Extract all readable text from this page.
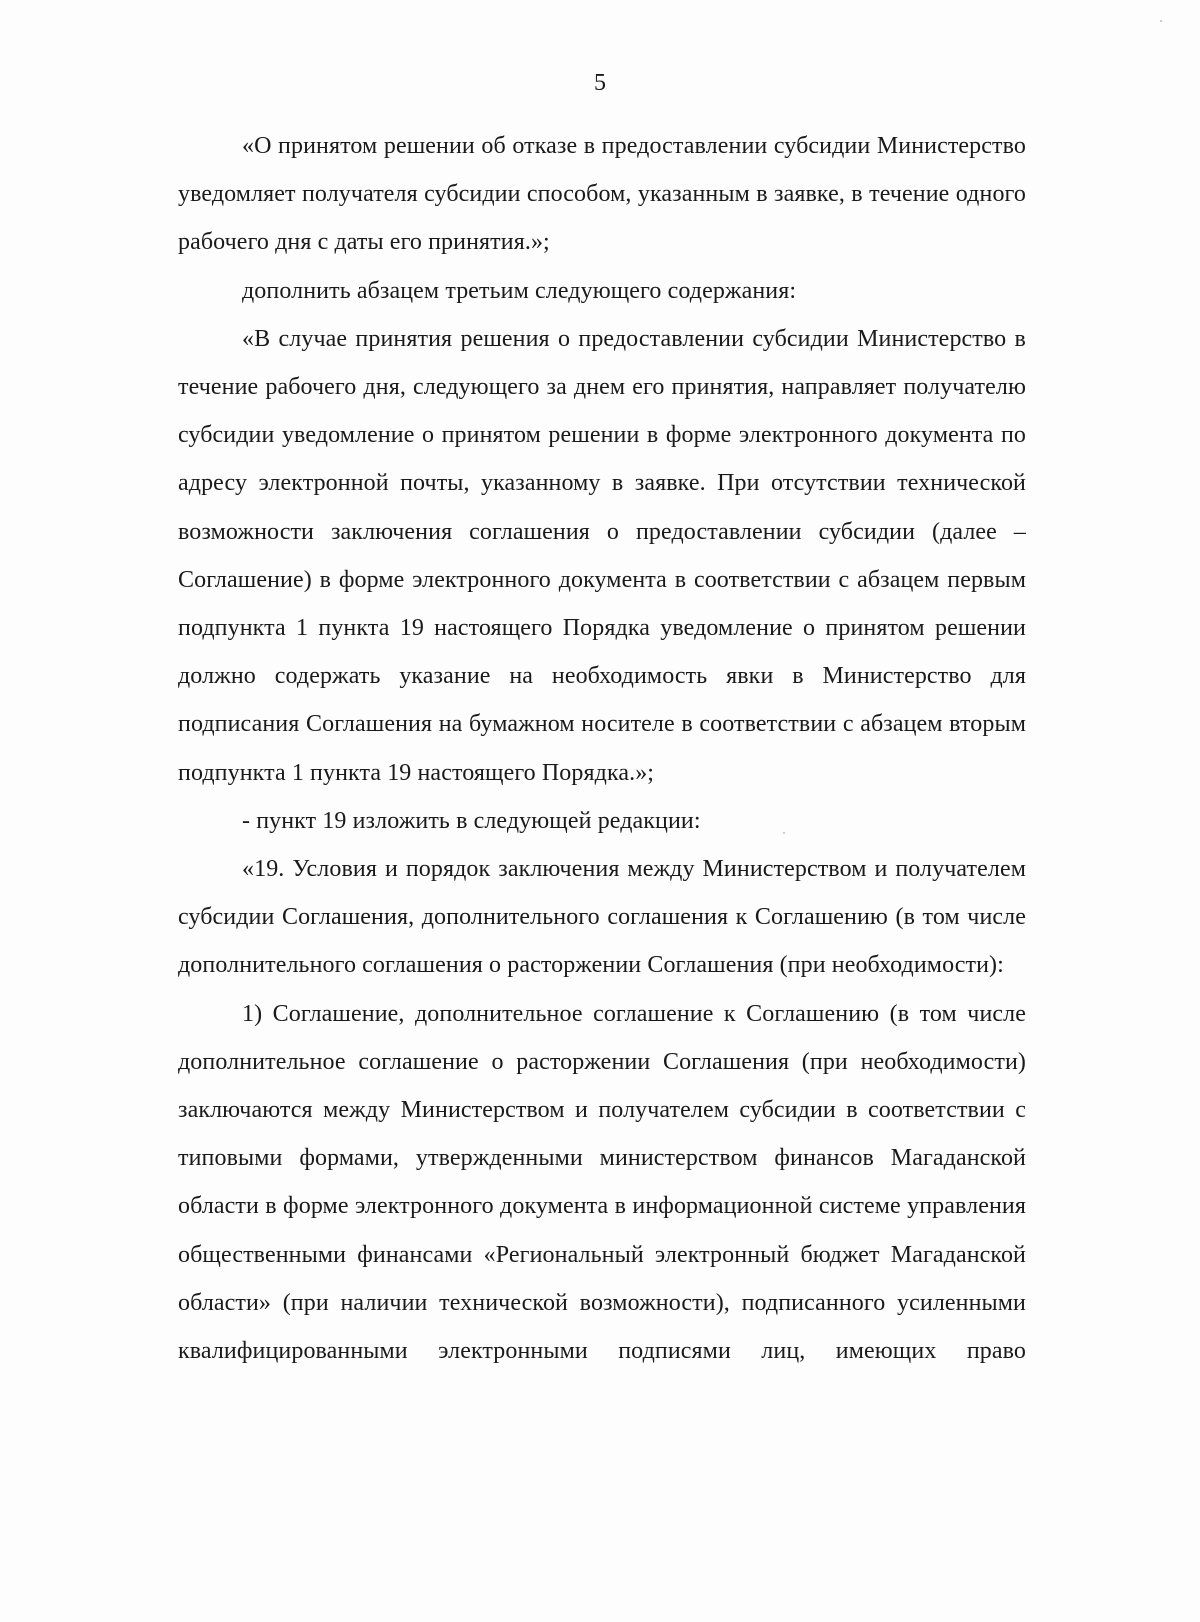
5

«О принятом решении об отказе в предоставлении субсидии Министерство уведомляет получателя субсидии способом, указанным в заявке, в течение одного рабочего дня с даты его принятия.»;

дополнить абзацем третьим следующего содержания:

«В случае принятия решения о предоставлении субсидии Министерство в течение рабочего дня, следующего за днем его принятия, направляет получателю субсидии уведомление о принятом решении в форме электронного документа по адресу электронной почты, указанному в заявке. При отсутствии технической возможности заключения соглашения о предоставлении субсидии (далее – Соглашение) в форме электронного документа в соответствии с абзацем первым подпункта 1 пункта 19 настоящего Порядка уведомление о принятом решении должно содержать указание на необходимость явки в Министерство для подписания Соглашения на бумажном носителе в соответствии с абзацем вторым подпункта 1 пункта 19 настоящего Порядка.»;

- пункт 19 изложить в следующей редакции:

«19. Условия и порядок заключения между Министерством и получателем субсидии Соглашения, дополнительного соглашения к Соглашению (в том числе дополнительного соглашения о расторжении Соглашения (при необходимости):

1) Соглашение, дополнительное соглашение к Соглашению (в том числе дополнительное соглашение о расторжении Соглашения (при необходимости) заключаются между Министерством и получателем субсидии в соответствии с типовыми формами, утвержденными министерством финансов Магаданской области в форме электронного документа в информационной системе управления общественными финансами «Региональный электронный бюджет Магаданской области» (при наличии технической возможности), подписанного усиленными квалифицированными электронными подписями лиц, имеющих право
